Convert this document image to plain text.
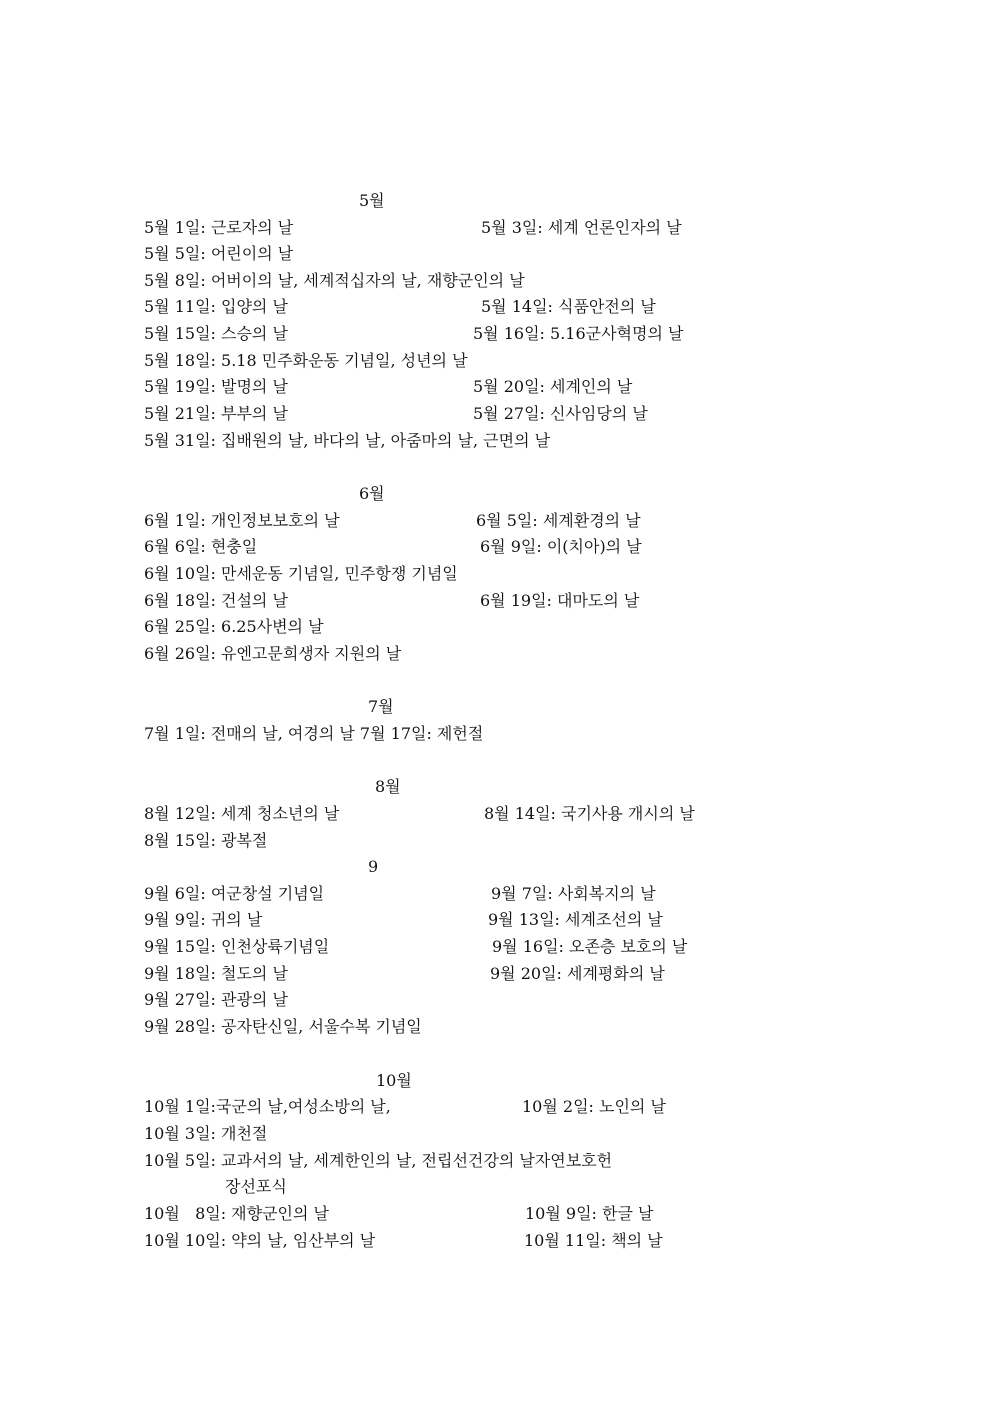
5월
5월 1일: 근로자의 날	5월 3일: 세계 언론인자의 날
5월 5일: 어린이의 날
5월 8일: 어버이의 날, 세계적십자의 날, 재향군인의 날
5월 11일: 입양의 날	5월 14일: 식품안전의 날
5월 15일: 스승의 날	5월 16일: 5.16군사혁명의 날
5월 18일: 5.18 민주화운동 기념일, 성년의 날
5월 19일: 발명의 날	5월 20일: 세계인의 날
5월 21일: 부부의 날	5월 27일: 신사임당의 날
5월 31일: 집배원의 날, 바다의 날, 아줌마의 날, 근면의 날
6월
6월 1일: 개인정보보호의 날	6월 5일: 세계환경의 날
6월 6일: 현충일	6월 9일: 이(치아)의 날
6월 10일: 만세운동 기념일, 민주항쟁 기념일
6월 18일: 건설의 날	6월 19일: 대마도의 날
6월 25일: 6.25사변의 날
6월 26일: 유엔고문희생자 지원의 날
7월
7월 1일: 전매의 날, 여경의 날 7월 17일: 제헌절
8월
8월 12일: 세계 청소년의 날	8월 14일: 국기사용 개시의 날
8월 15일: 광복절
9
9월 6일: 여군창설 기념일	9월 7일: 사회복지의 날
9월 9일: 귀의 날	9월 13일: 세계조선의 날
9월 15일: 인천상륙기념일	9월 16일: 오존층 보호의 날
9월 18일: 철도의 날	9월 20일: 세계평화의 날
9월 27일: 관광의 날
9월 28일: 공자탄신일, 서울수복 기념일
10월
10월 1일:국군의 날,여성소방의 날,	10월 2일: 노인의 날
10월 3일: 개천절
10월 5일: 교과서의 날, 세계한인의 날, 전립선건강의 날자연보호헌
장선포식
10월   8일: 재향군인의 날	10월 9일: 한글 날
10월 10일: 약의 날, 임산부의 날	10월 11일: 책의 날
